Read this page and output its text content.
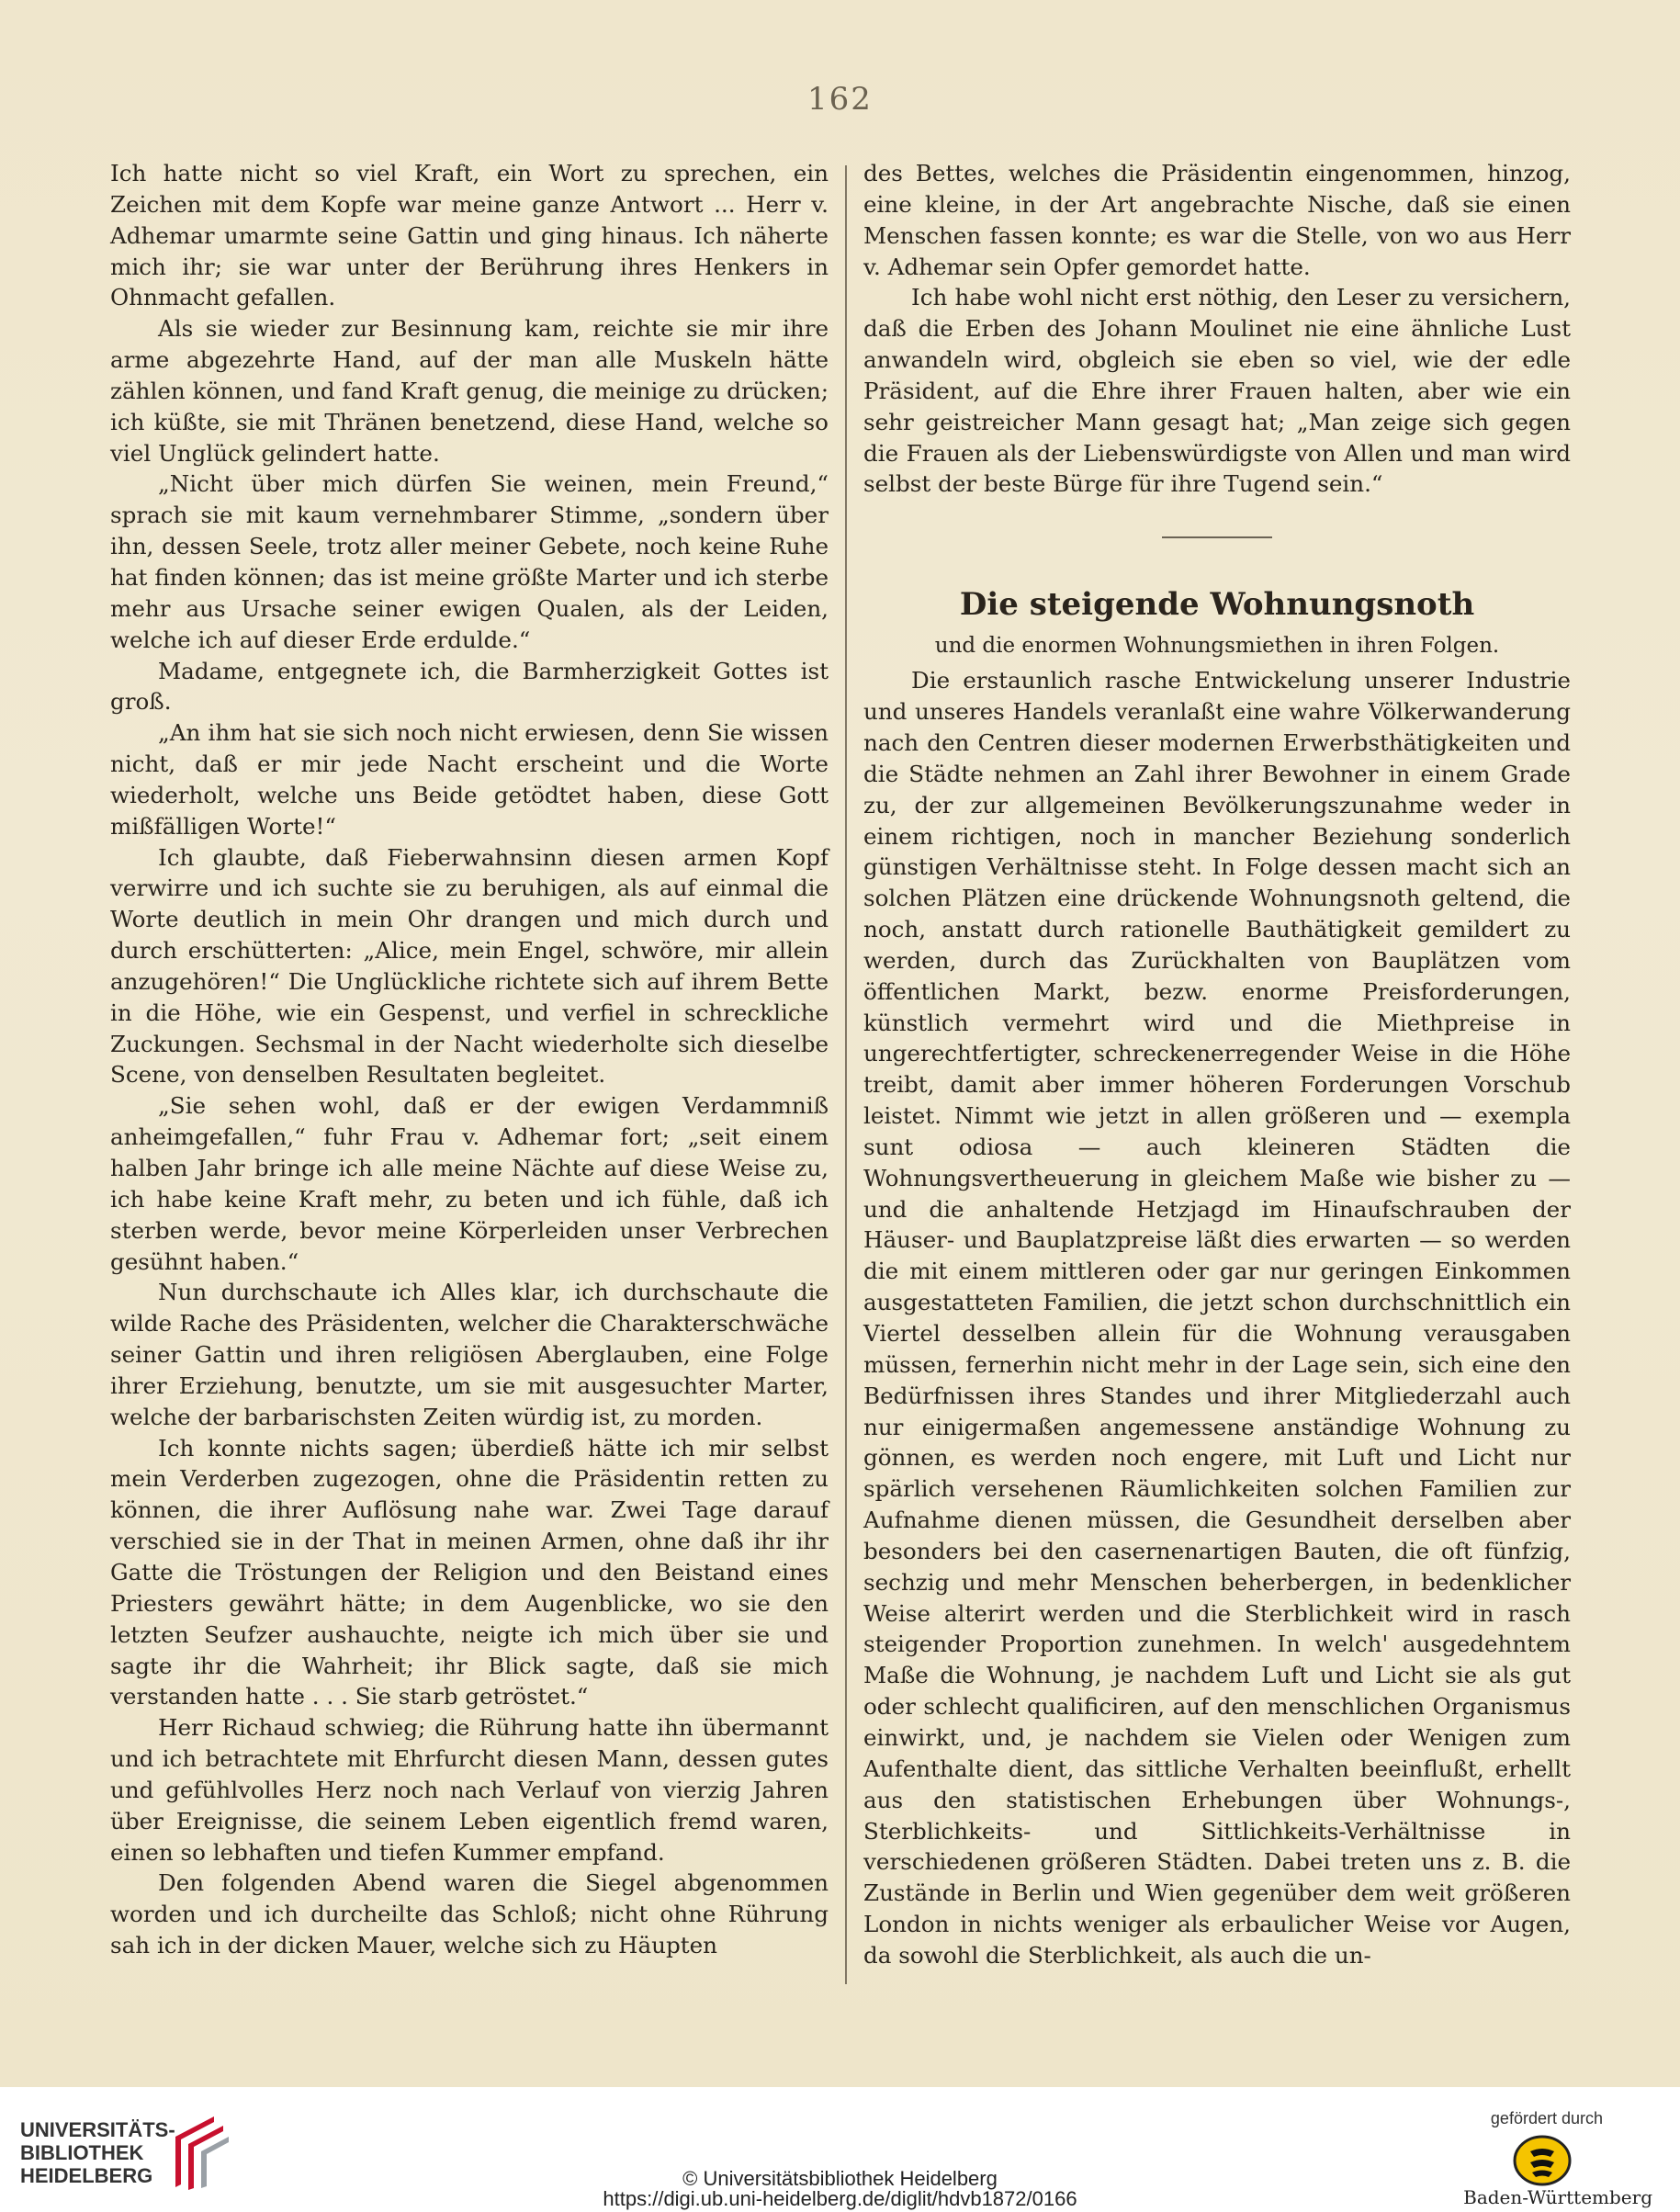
162

Ich hatte nicht so viel Kraft, ein Wort zu sprechen, ein Zeichen mit dem Kopfe war meine ganze Antwort ... Herr v. Adhemar umarmte seine Gattin und ging hinaus. Ich näherte mich ihr; sie war unter der Berührung ihres Henkers in Ohnmacht gefallen.

Als sie wieder zur Besinnung kam, reichte sie mir ihre arme abgezehrte Hand, auf der man alle Muskeln hätte zählen können, und fand Kraft genug, die meinige zu drücken; ich küßte, sie mit Thränen benetzend, diese Hand, welche so viel Unglück gelindert hatte.

„Nicht über mich dürfen Sie weinen, mein Freund,“ sprach sie mit kaum vernehmbarer Stimme, „sondern über ihn, dessen Seele, trotz aller meiner Gebete, noch keine Ruhe hat finden können; das ist meine größte Marter und ich sterbe mehr aus Ursache seiner ewigen Qualen, als der Leiden, welche ich auf dieser Erde erdulde.“

Madame, entgegnete ich, die Barmherzigkeit Gottes ist groß.

„An ihm hat sie sich noch nicht erwiesen, denn Sie wissen nicht, daß er mir jede Nacht erscheint und die Worte wiederholt, welche uns Beide getödtet haben, diese Gott mißfälligen Worte!“

Ich glaubte, daß Fieberwahnsinn diesen armen Kopf verwirre und ich suchte sie zu beruhigen, als auf einmal die Worte deutlich in mein Ohr drangen und mich durch und durch erschütterten: „Alice, mein Engel, schwöre, mir allein anzugehören!“ Die Unglückliche richtete sich auf ihrem Bette in die Höhe, wie ein Gespenst, und verfiel in schreckliche Zuckungen. Sechsmal in der Nacht wiederholte sich dieselbe Scene, von denselben Resultaten begleitet.

„Sie sehen wohl, daß er der ewigen Verdammniß anheimgefallen,“ fuhr Frau v. Adhemar fort; „seit einem halben Jahr bringe ich alle meine Nächte auf diese Weise zu, ich habe keine Kraft mehr, zu beten und ich fühle, daß ich sterben werde, bevor meine Körperleiden unser Verbrechen gesühnt haben.“

Nun durchschaute ich Alles klar, ich durchschaute die wilde Rache des Präsidenten, welcher die Charakterschwäche seiner Gattin und ihren religiösen Aberglauben, eine Folge ihrer Erziehung, benutzte, um sie mit ausgesuchter Marter, welche der barbarischsten Zeiten würdig ist, zu morden.

Ich konnte nichts sagen; überdieß hätte ich mir selbst mein Verderben zugezogen, ohne die Präsidentin retten zu können, die ihrer Auflösung nahe war. Zwei Tage darauf verschied sie in der That in meinen Armen, ohne daß ihr ihr Gatte die Tröstungen der Religion und den Beistand eines Priesters gewährt hätte; in dem Augenblicke, wo sie den letzten Seufzer aushauchte, neigte ich mich über sie und sagte ihr die Wahrheit; ihr Blick sagte, daß sie mich verstanden hatte . . . Sie starb getröstet.“

Herr Richaud schwieg; die Rührung hatte ihn übermannt und ich betrachtete mit Ehrfurcht diesen Mann, dessen gutes und gefühlvolles Herz noch nach Verlauf von vierzig Jahren über Ereignisse, die seinem Leben eigentlich fremd waren, einen so lebhaften und tiefen Kummer empfand.

Den folgenden Abend waren die Siegel abgenommen worden und ich durcheilte das Schloß; nicht ohne Rührung sah ich in der dicken Mauer, welche sich zu Häupten

des Bettes, welches die Präsidentin eingenommen, hinzog, eine kleine, in der Art angebrachte Nische, daß sie einen Menschen fassen konnte; es war die Stelle, von wo aus Herr v. Adhemar sein Opfer gemordet hatte.

Ich habe wohl nicht erst nöthig, den Leser zu versichern, daß die Erben des Johann Moulinet nie eine ähnliche Lust anwandeln wird, obgleich sie eben so viel, wie der edle Präsident, auf die Ehre ihrer Frauen halten, aber wie ein sehr geistreicher Mann gesagt hat; „Man zeige sich gegen die Frauen als der Liebenswürdigste von Allen und man wird selbst der beste Bürge für ihre Tugend sein.“

Die steigende Wohnungsnoth
und die enormen Wohnungsmiethen in ihren Folgen.

Die erstaunlich rasche Entwickelung unserer Industrie und unseres Handels veranlaßt eine wahre Völkerwanderung nach den Centren dieser modernen Erwerbsthätigkeiten und die Städte nehmen an Zahl ihrer Bewohner in einem Grade zu, der zur allgemeinen Bevölkerungszunahme weder in einem richtigen, noch in mancher Beziehung sonderlich günstigen Verhältnisse steht. In Folge dessen macht sich an solchen Plätzen eine drückende Wohnungsnoth geltend, die noch, anstatt durch rationelle Bauthätigkeit gemildert zu werden, durch das Zurückhalten von Bauplätzen vom öffentlichen Markt, bezw. enorme Preisforderungen, künstlich vermehrt wird und die Miethpreise in ungerechtfertigter, schreckenerregender Weise in die Höhe treibt, damit aber immer höheren Forderungen Vorschub leistet. Nimmt wie jetzt in allen größeren und — exempla sunt odiosa — auch kleineren Städten die Wohnungsvertheuerung in gleichem Maße wie bisher zu — und die anhaltende Hetzjagd im Hinaufschrauben der Häuser- und Bauplatzpreise läßt dies erwarten — so werden die mit einem mittleren oder gar nur geringen Einkommen ausgestatteten Familien, die jetzt schon durchschnittlich ein Viertel desselben allein für die Wohnung verausgaben müssen, fernerhin nicht mehr in der Lage sein, sich eine den Bedürfnissen ihres Standes und ihrer Mitgliederzahl auch nur einigermaßen angemessene anständige Wohnung zu gönnen, es werden noch engere, mit Luft und Licht nur spärlich versehenen Räumlichkeiten solchen Familien zur Aufnahme dienen müssen, die Gesundheit derselben aber besonders bei den casernenartigen Bauten, die oft fünfzig, sechzig und mehr Menschen beherbergen, in bedenklicher Weise alterirt werden und die Sterblichkeit wird in rasch steigender Proportion zunehmen. In welch' ausgedehntem Maße die Wohnung, je nachdem Luft und Licht sie als gut oder schlecht qualificiren, auf den menschlichen Organismus einwirkt, und, je nachdem sie Vielen oder Wenigen zum Aufenthalte dient, das sittliche Verhalten beeinflußt, erhellt aus den statistischen Erhebungen über Wohnungs-, Sterblichkeits- und Sittlichkeits-Verhältnisse in verschiedenen größeren Städten. Dabei treten uns z. B. die Zustände in Berlin und Wien gegenüber dem weit größeren London in nichts weniger als erbaulicher Weise vor Augen, da sowohl die Sterblichkeit, als auch die un-

UNIVERSITÄTS-
BIBLIOTHEK
HEIDELBERG	© Universitätsbibliothek Heidelberg
https://digi.ub.uni-heidelberg.de/diglit/hdvb1872/0166
gefördert durch
Baden-Württemberg
